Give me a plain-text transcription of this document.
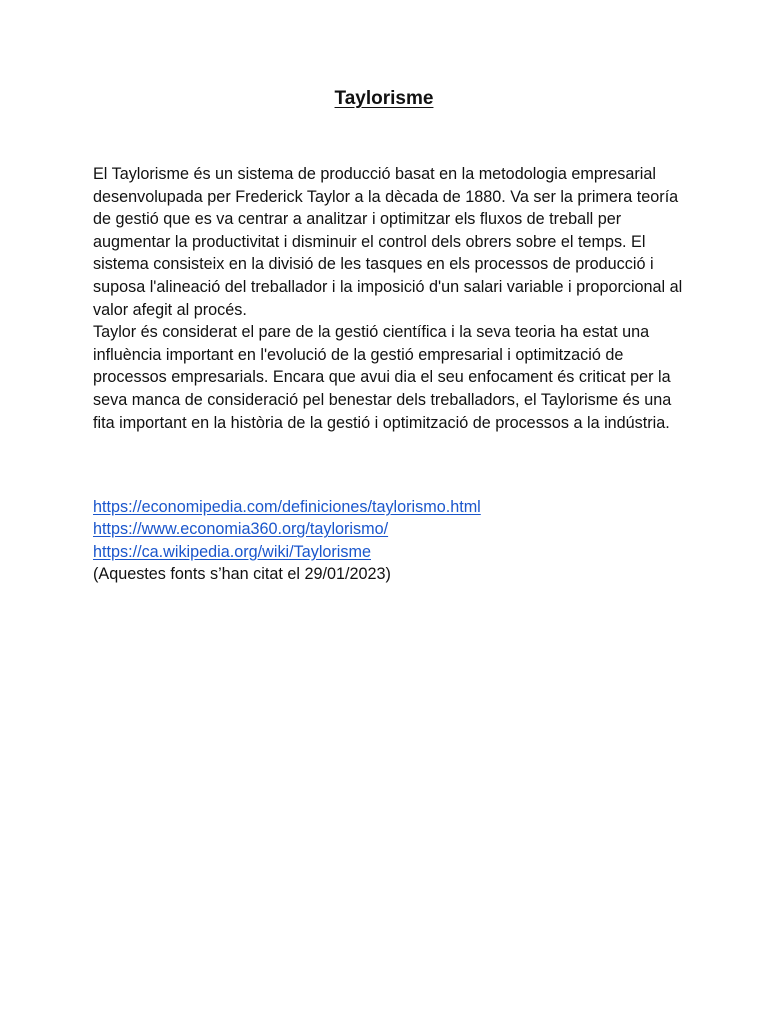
Taylorisme

El Taylorisme és un sistema de producció basat en la metodologia empresarial desenvolupada per Frederick Taylor a la dècada de 1880. Va ser la primera teoría de gestió que es va centrar a analitzar i optimitzar els fluxos de treball per augmentar la productivitat i disminuir el control dels obrers sobre el temps. El sistema consisteix en la divisió de les tasques en els processos de producció i suposa l'alineació del treballador i la imposició d'un salari variable i proporcional al valor afegit al procés.

Taylor és considerat el pare de la gestió científica i la seva teoria ha estat una influència important en l'evolució de la gestió empresarial i optimització de processos empresarials. Encara que avui dia el seu enfocament és criticat per la seva manca de consideració pel benestar dels treballadors, el Taylorisme és una fita important en la història de la gestió i optimització de processos a la indústria.

https://economipedia.com/definiciones/taylorismo.html
https://www.economia360.org/taylorismo/
https://ca.wikipedia.org/wiki/Taylorisme
(Aquestes fonts s’han citat el 29/01/2023)
